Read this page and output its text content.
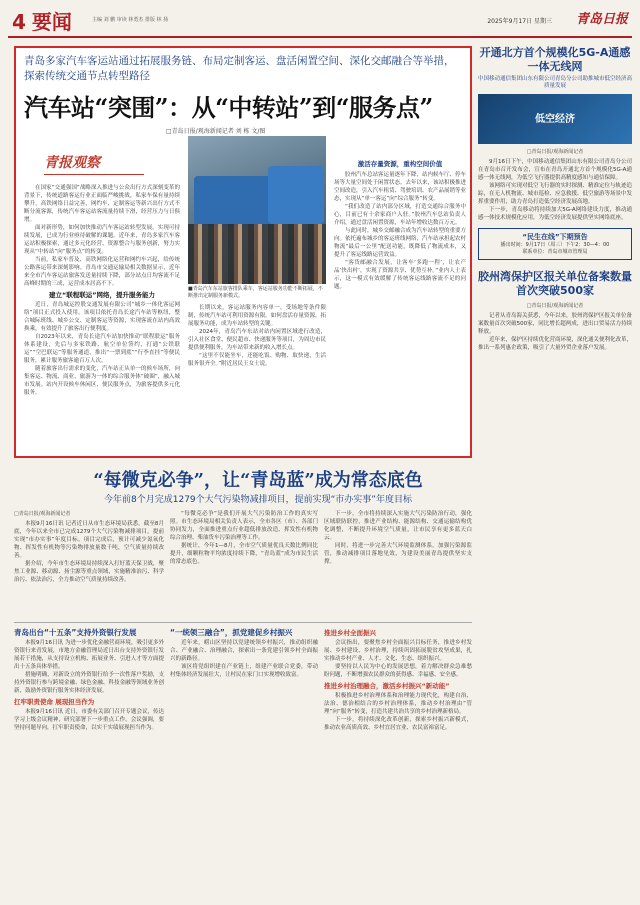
4 要闻	主编 刘 鹏 审读 林勇杰 排版 林 扬	2025年9月17日 星期三 青岛日报
青岛多家汽车客运站通过拓展服务链、布局定制客运、盘活闲置空间、深化交邮融合等举措，探索传统交通节点转型路径
汽车站“突围”：从“中转站”到“服务点”
□青岛日报/观海新闻记者 刘 栋 文/图
青报观察

在国家“交通强国”战略深入推进与公众出行方式深刻变革的背景下，传统道路客运行业正面临严峻挑战。私家车保有量持续攀升，高铁网络日益完善，网约车、定制客运等新兴出行方式不断分流客源，传统汽车客运站客流量持续下滑，经营压力与日俱增。

面对新形势，如何加快推动汽车客运站转型发展，实现可持续发展，已成为行业亟待破解的课题。近年来，青岛多家汽车客运站积极探索，通过多元化经营、资源整合与服务创新，努力实现从“中转站”向“服务点”的转变。

当前，私家车普及、高铁网络化运营和网约车兴起，给传统公路客运带来深刻影响。青岛市交通运输局相关数据显示，近年来全市汽车客运站旅客发送量持续下降，部分站点日均客流不足高峰时期的三成，运营成本居高不下。

建立“联程联运”网络，提升服务能力

近日，青岛城运控股交通发展有限公司“城乡一体化客运网络”项目正式投入使用。该项目依托青岛长途汽车站等枢纽，整合城际班线、城乡公交、定制客运等资源，实现客流在站内高效换乘，有效提升了旅客出行便利度。

自2023年以来，青岛长途汽车站加快推动“联程联运”服务体系建设，先后与多家铁路、航空单位签约，打通“公铁联运”“空巴联运”等服务通道，推出“一票到底”“行李直挂”等便民服务，累计服务旅客逾百万人次。

随着旅客出行需求的变化，汽车站正从单一的候车场所，向集客运、物流、商业、旅游为一体的综合服务体“破圈”，融入城市发展。站内开设候车休闲区、便民服务点，为旅客提供多元化服务。

■青岛汽车东站旅客排队乘车，客运站服务功能不断拓展，不断推出定制服务新模式。

长期以来，客运站服务内容单一，受场地等条件限制，传统汽车站可利用资源有限。如何盘活存量资源，拓展服务功能，成为车站转型的关键。

2024年，青岛汽车东站对站内闲置区域进行改造，引入社区食堂、便民超市、快递服务等项目，为周边市民提供便利服务，为车站带来新的收入增长点。

“这里不仅能坐车，还能吃饭、购物、取快递，生活服务很齐全。”附近居民王女士说。

激活存量资源，重构空间价值

胶州汽车总站客运量逐年下降，站内候车厅、停车场等大量空间处于闲置状态。去年以来，该站积极推进空间改造，引入汽车租赁、驾驶培训、农产品展销等业态，实现从“单一客运”向“综合服务”转变。

“我们改造了站内部分区域，打造交通综合服务中心，目前已有十余家商户入驻。”胶州汽车总站负责人介绍，通过盘活闲置资源，车站年增收达数百万元。

与此同时，城乡交邮融合成为汽车站转型的重要方向。依托遍布城乡的客运班线网络，汽车站承担起农村物流“最后一公里”配送功能，既降低了物流成本，又提升了客运线路运营效益。

“客货邮融合发展，让客车‘多跑一程’，让农产品‘快出村’，实现了资源共享、优势互补。”业内人士表示，这一模式有效缓解了传统客运线路客流不足的问题。

开通北方首个规模化5G-A通感一体无线网
中国移动通信集团山东有限公司青岛分公司助推城市低空经济高质量发展
低空经济
□青岛日报/观海新闻记者

9月16日下午，中国移动通信集团山东有限公司青岛分公司在青岛市召开发布会，宣布在青岛开通北方首个规模化5G-A通感一体无线网，为低空飞行器提供高精度感知与通信保障。

该网络可实现对低空飞行器的实时探测、精准定位与轨迹追踪，在无人机物流、城市巡检、应急救援、低空旅游等场景中发挥重要作用，助力青岛打造低空经济发展高地。

下一步，青岛移动将持续加大5G-A网络建设力度，推动通感一体技术规模化应用，为低空经济发展提供坚实网络底座。

“民生在线”下期预告
播出时间：9月17日（周三）下午2：30—4：00
联系单位：青岛市城市管理局
胶州湾保护区报关单位备案数量首次突破500家
□青岛日报/观海新闻记者

记者从青岛海关获悉，今年以来，胶州湾保护区报关单位备案数量首次突破500家，同比增长超两成，进出口贸易活力持续释放。

近年来，保护区持续优化营商环境，深化通关便利化改革，推出一系列惠企政策，吸引了大量外贸企业落户发展。

“每微克必争”，让“青岛蓝”成为常态底色
今年前8个月完成1279个大气污染物减排项目，提前实现“市办实事”年度目标
□青岛日报/观海新闻记者

本报9月16日讯 记者近日从市生态环境局获悉，截至8月底，今年以来全市已完成1279个大气污染物减排项目，提前实现“市办实事”年度目标。项目完成后，预计可减少氮氧化物、挥发性有机物等污染物排放量数千吨，空气质量持续改善。

据介绍，今年市生态环境局持续深入打好蓝天保卫战，聚焦工业源、移动源、扬尘源等重点领域，实施精准治污、科学治污、依法治污，全力推动空气质量持续改善。

“每微克必争”是我们开展大气污染防治工作的真实写照。市生态环境局相关负责人表示，全市各区（市）、各部门协同发力，全面推进重点行业超低排放改造、挥发性有机物综合治理、柴油货车污染治理等工作。

据统计，今年1—8月，全市空气质量优良天数比例同比提升，细颗粒物平均浓度持续下降，“青岛蓝”成为市民生活的常态底色。

下一步，全市将持续深入实施大气污染防治行动，强化区域联防联控，推进产业结构、能源结构、交通运输结构优化调整，不断提升环境空气质量，让市民享有更多蓝天白云。

同时，将进一步完善大气环境监测体系，加强污染源监管，推动减排项目落地见效，为建设美丽青岛提供坚实支撑。

青岛出台“十五条”支持外资银行发展

本报9月16日讯 为进一步优化金融营商环境，吸引更多外资银行来青发展，市地方金融管理局近日出台支持外资银行发展若干措施，从支持设立机构、拓展业务、引进人才等方面提出十五条具体举措。

措施明确，对新设立的外资银行给予一次性落户奖励，支持外资银行参与跨境金融、绿色金融、科技金融等领域业务创新，鼓励外资银行服务实体经济发展。

扛牢职责使命 展现担当作为

本报9月16日讯 近日，市委有关部门召开专题会议，传达学习上级会议精神，研究部署下一步重点工作。会议强调，要坚持问题导向，扛牢职责使命，以实干实绩展现担当作为。

“一统领三融合”，抓党建促乡村振兴

近年来，崂山区坚持以党建统领乡村振兴，推动组织融合、产业融合、治理融合，探索出一条党建引领乡村全面振兴的新路径。

该区将党组织建在产业链上，组建产业联合党委，带动村集体经济发展壮大，让村民在家门口实现增收致富。

推进乡村全面振兴

会议指出，要聚焦乡村全面振兴目标任务，推进乡村发展、乡村建设、乡村治理，持续巩固拓展脱贫攻坚成果，扎实推动乡村产业、人才、文化、生态、组织振兴。

要坚持以人民为中心的发展思想，着力解决群众急难愁盼问题，不断增强农民群众的获得感、幸福感、安全感。

推进乡村治理融合，激活乡村振兴“新动能”

积极推进乡村治理体系和治理能力现代化，构建自治、法治、德治相结合的乡村治理体系，推动乡村治理由“管理”向“服务”转变，打造共建共治共享的乡村治理新格局。

下一步，将持续深化改革创新，探索乡村振兴新模式，推动农业高质高效、乡村宜居宜业、农民富裕富足。
